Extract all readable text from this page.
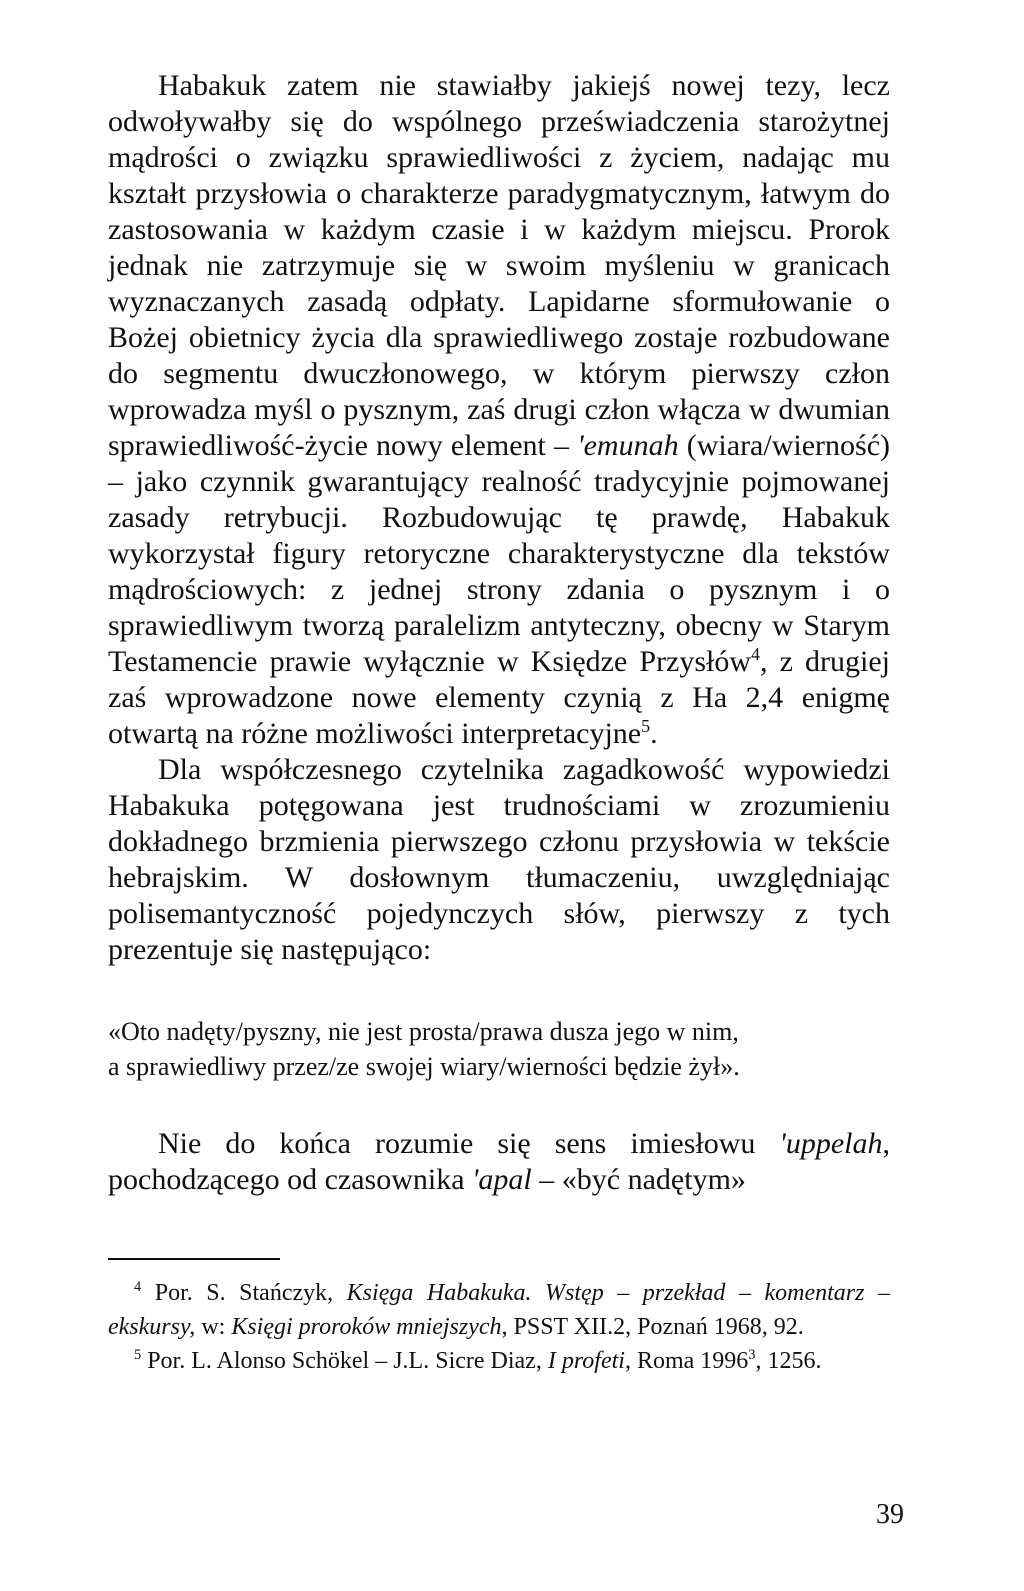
Habakuk zatem nie stawiałby jakiejś nowej tezy, lecz odwoływałby się do wspólnego przeświadczenia starożytnej mądrości o związku sprawiedliwości z życiem, nadając mu kształt przysłowia o charakterze paradygmatycznym, łatwym do zastosowania w każdym czasie i w każdym miejscu. Prorok jednak nie zatrzymuje się w swoim myśleniu w granicach wyznaczanych zasadą odpłaty. Lapidarne sformułowanie o Bożej obietnicy życia dla sprawiedliwego zostaje rozbudowane do segmentu dwuczłonowego, w którym pierwszy człon wprowadza myśl o pysznym, zaś drugi człon włącza w dwumian sprawiedliwość-życie nowy element – 'emunah (wiara/wierność) – jako czynnik gwarantujący realność tradycyjnie pojmowanej zasady retrybucji. Rozbudowując tę prawdę, Habakuk wykorzystał figury retoryczne charakterystyczne dla tekstów mądrościowych: z jednej strony zdania o pysznym i o sprawiedliwym tworzą paralelizm antyteczny, obecny w Starym Testamencie prawie wyłącznie w Księdze Przysłów$^4$, z drugiej zaś wprowadzone nowe elementy czynią z Ha 2,4 enigmę otwartą na różne możliwości interpretacyjne$^5$.

Dla współczesnego czytelnika zagadkowość wypowiedzi Habakuka potęgowana jest trudnościami w zrozumieniu dokładnego brzmienia pierwszego członu przysłowia w tekście hebrajskim. W dosłownym tłumaczeniu, uwzględniając polisemantyczność pojedynczych słów, pierwszy z tych prezentuje się następująco:

«Oto nadęty/pyszny, nie jest prosta/prawa dusza jego w nim,
a sprawiedliwy przez/ze swojej wiary/wierności będzie żył».

Nie do końca rozumie się sens imiesłowu 'uppelah, pochodzącego od czasownika 'apal – «być nadętym»

$^4$ Por. S. Stańczyk, Księga Habakuka. Wstęp – przekład – komentarz – ekskursy, w: Księgi proroków mniejszych, PSST XII.2, Poznań 1968, 92.

$^5$ Por. L. Alonso Schökel – J.L. Sicre Diaz, I profeti, Roma 1996$^3$, 1256.

39
